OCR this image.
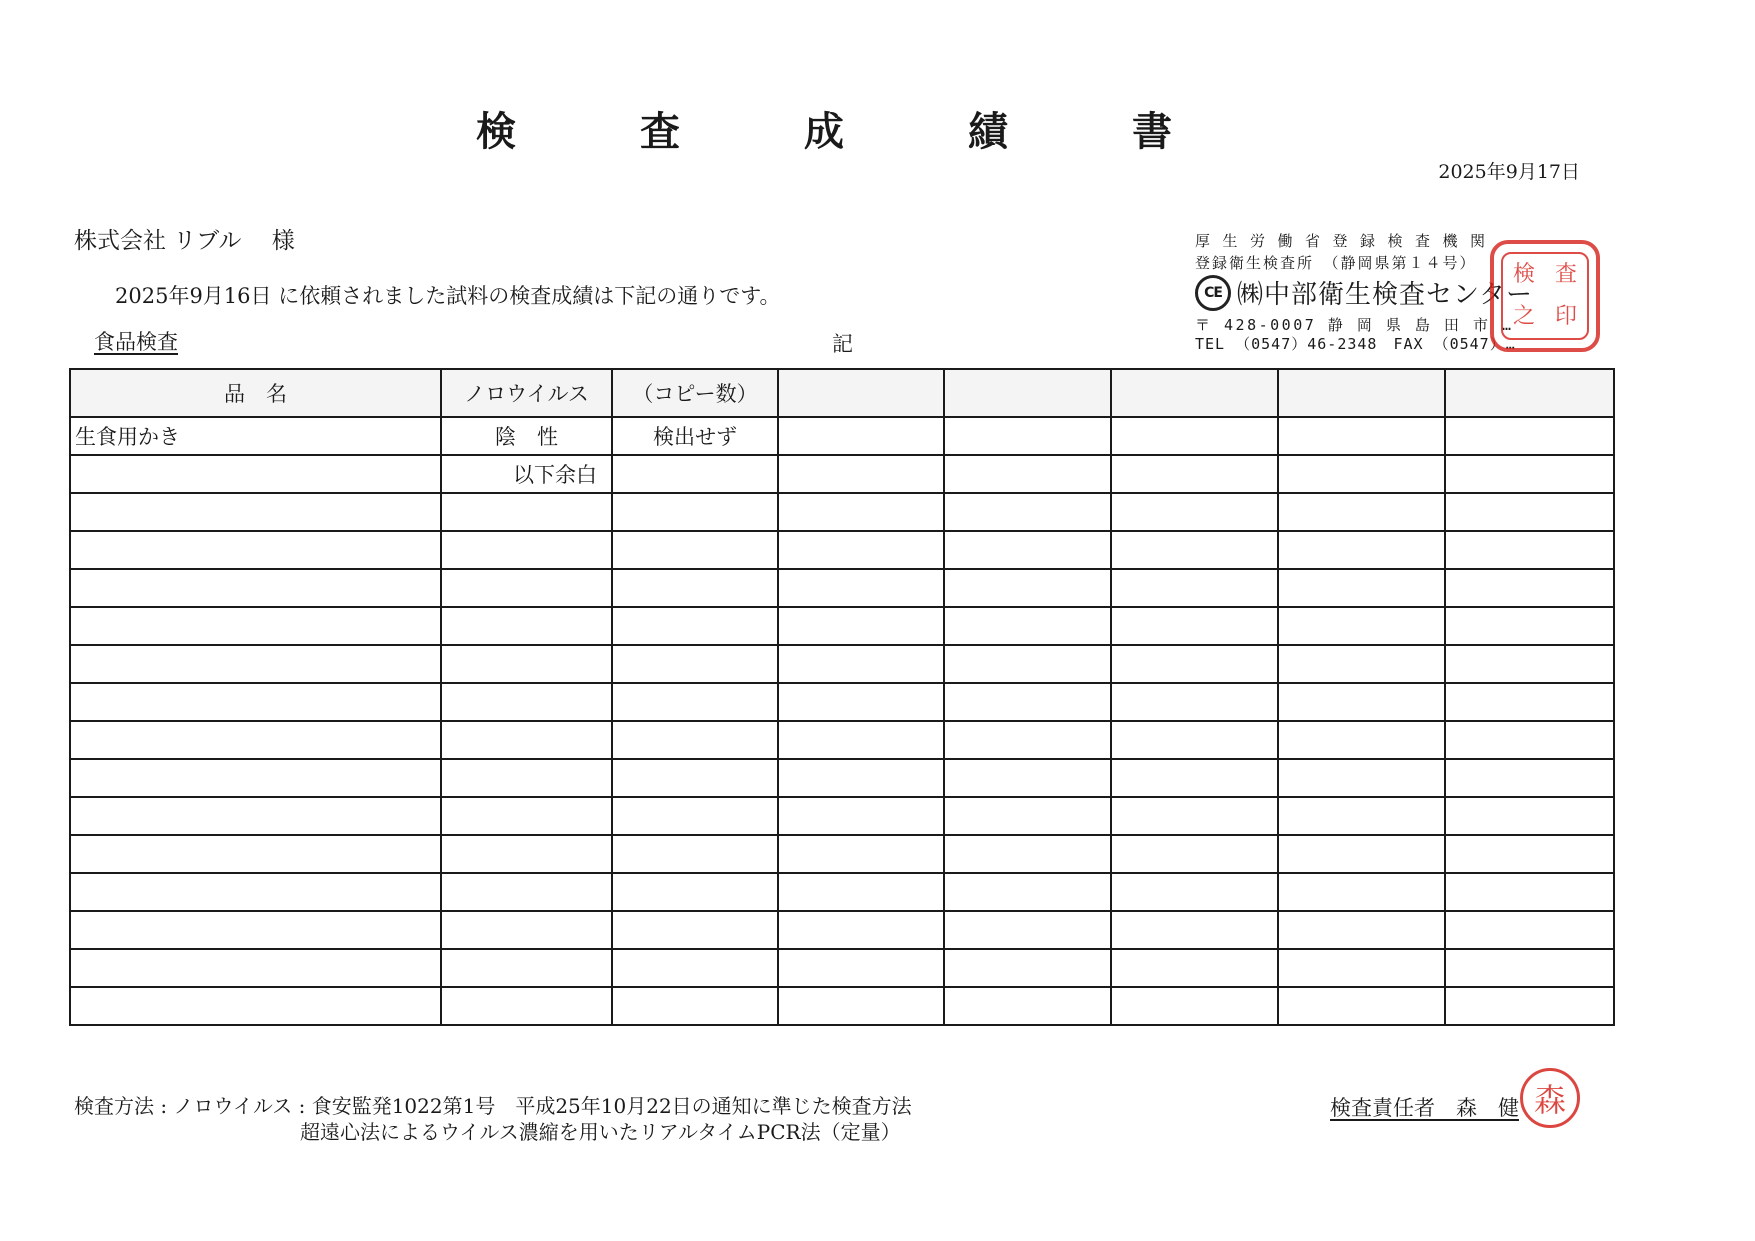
検　査　成　績　書
2025年9月17日
株式会社 リブル　 様
2025年9月16日 に依頼されました試料の検査成績は下記の通りです。
食品検査	記
厚生労働省登録検査機関
登録衛生検査所　（静岡県第１４号）
CE ㈱中部衛生検査センター
〒 428-0007 静 岡 県 島 田 市 …
TEL （0547）46-2348　FAX （0547）…
検 査
之 印
品　名	ノロウイルス	（コピー数）					
生食用かき	陰　性	検出せず					
	以下余白						

検査方法 : ノロウイルス : 食安監発1022第1号　平成25年10月22日の通知に準じた検査方法
超遠心法によるウイルス濃縮を用いたリアルタイムPCR法（定量）
検査責任者　森　健 森
